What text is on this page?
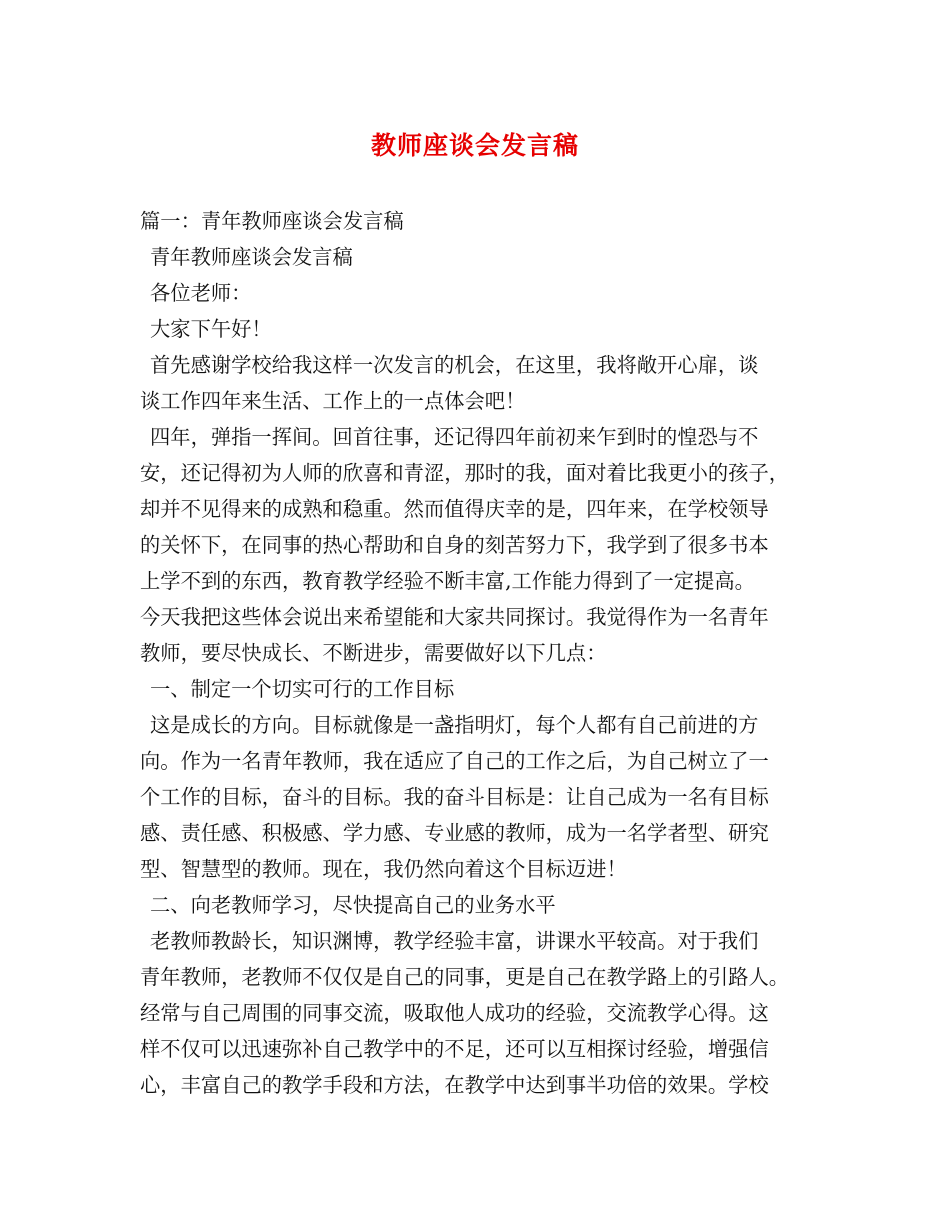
教师座谈会发言稿
篇一：青年教师座谈会发言稿
青年教师座谈会发言稿
各位老师：
大家下午好！
首先感谢学校给我这样一次发言的机会，在这里，我将敞开心扉，谈
谈工作四年来生活、工作上的一点体会吧！
四年，弹指一挥间。回首往事，还记得四年前初来乍到时的惶恐与不
安，还记得初为人师的欣喜和青涩，那时的我，面对着比我更小的孩子，
却并不见得来的成熟和稳重。然而值得庆幸的是，四年来，在学校领导
的关怀下，在同事的热心帮助和自身的刻苦努力下，我学到了很多书本
上学不到的东西，教育教学经验不断丰富,工作能力得到了一定提高。
今天我把这些体会说出来希望能和大家共同探讨。我觉得作为一名青年
教师，要尽快成长、不断进步，需要做好以下几点：
一、制定一个切实可行的工作目标
这是成长的方向。目标就像是一盏指明灯，每个人都有自己前进的方
向。作为一名青年教师，我在适应了自己的工作之后，为自己树立了一
个工作的目标，奋斗的目标。我的奋斗目标是：让自己成为一名有目标
感、责任感、积极感、学力感、专业感的教师，成为一名学者型、研究
型、智慧型的教师。现在，我仍然向着这个目标迈进！
二、向老教师学习，尽快提高自己的业务水平
老教师教龄长，知识渊博，教学经验丰富，讲课水平较高。对于我们
青年教师，老教师不仅仅是自己的同事，更是自己在教学路上的引路人。
经常与自己周围的同事交流，吸取他人成功的经验，交流教学心得。这
样不仅可以迅速弥补自己教学中的不足，还可以互相探讨经验，增强信
心，丰富自己的教学手段和方法，在教学中达到事半功倍的效果。学校
